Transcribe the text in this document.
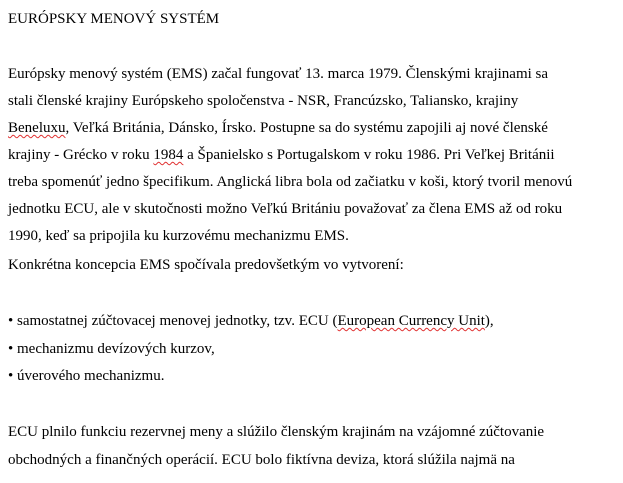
EURÓPSKY MENOVÝ SYSTÉM
Európsky menový systém (EMS) začal fungovať 13. marca 1979. Členskými krajinami sa
stali členské krajiny Európskeho spoločenstva - NSR, Francúzsko, Taliansko, krajiny
Beneluxu, Veľká Británia, Dánsko, Írsko. Postupne sa do systému zapojili aj nové členské
krajiny - Grécko v roku 1984 a Španielsko s Portugalskom v roku 1986. Pri Veľkej Británii
treba spomenúť jedno špecifikum. Anglická libra bola od začiatku v koši, ktorý tvoril menovú
jednotku ECU, ale v skutočnosti možno Veľkú Britániu považovať za člena EMS až od roku
1990, keď sa pripojila ku kurzovému mechanizmu EMS.
Konkrétna koncepcia EMS spočívala predovšetkým vo vytvorení:
• samostatnej zúčtovacej menovej jednotky, tzv. ECU (European Currency Unit),
• mechanizmu devízových kurzov,
• úverového mechanizmu.
ECU plnilo funkciu rezervnej meny a slúžilo členským krajinám na vzájomné zúčtovanie
obchodných a finančných operácií. ECU bolo fiktívna deviza, ktorá slúžila najmä na
